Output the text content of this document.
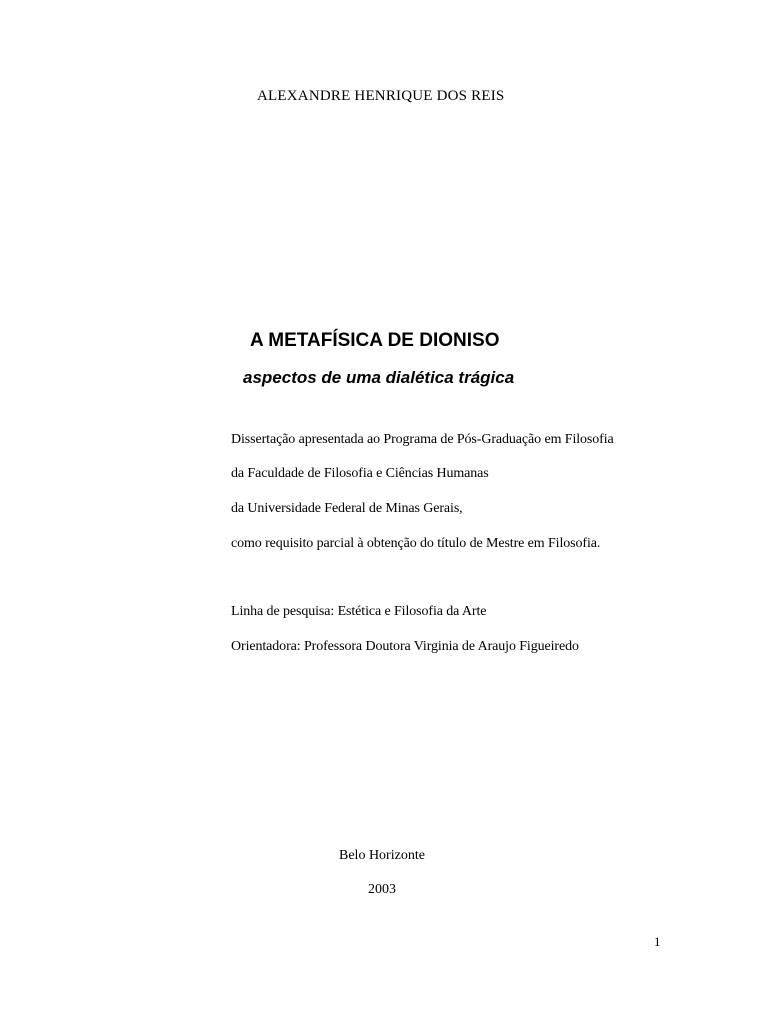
ALEXANDRE HENRIQUE DOS REIS

A METAFÍSICA DE DIONISO
aspectos de uma dialética trágica

Dissertação apresentada ao Programa de Pós-Graduação em Filosofia

da Faculdade de Filosofia e Ciências Humanas

da Universidade Federal de Minas Gerais,

como requisito parcial à obtenção do título de Mestre em Filosofia.

Linha de pesquisa: Estética e Filosofia da Arte

Orientadora: Professora Doutora Virginia de Araujo Figueiredo

Belo Horizonte

2003

1
